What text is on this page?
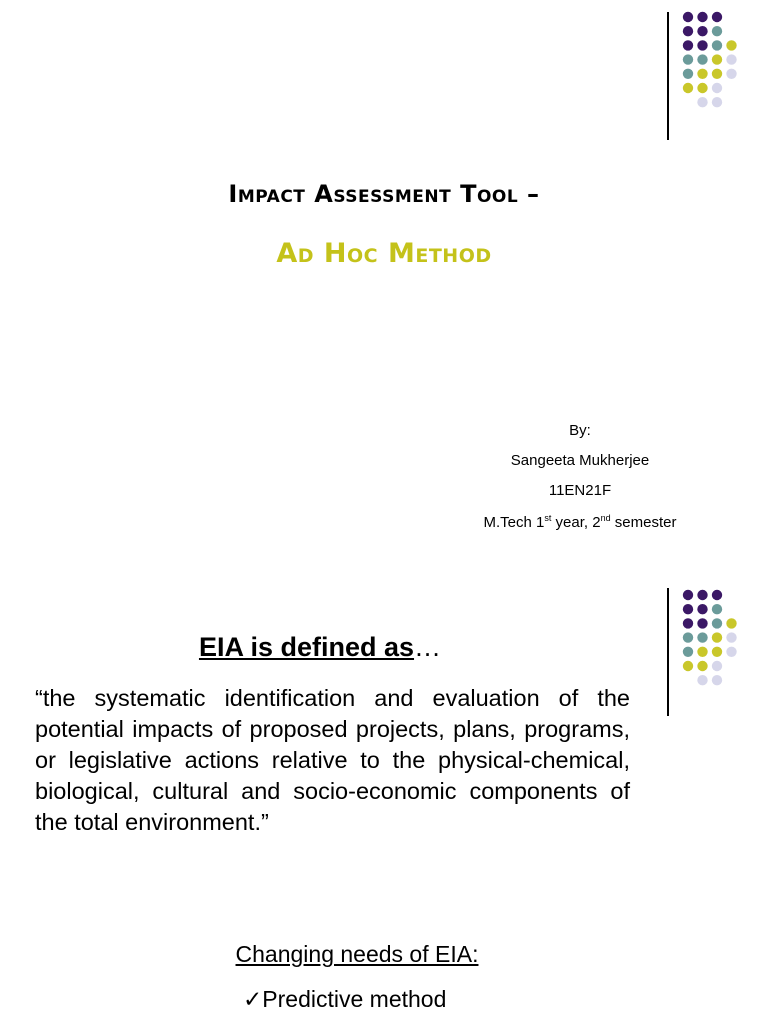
Impact Assessment Tool –
Ad Hoc Method
By:
Sangeeta Mukherjee
11EN21F
M.Tech 1st year, 2nd semester
EIA is defined as…
“the systematic identification and evaluation of the potential impacts of proposed projects, plans, programs, or legislative actions relative to the physical-chemical, biological, cultural and socio-economic components of the total environment.”
Changing needs of EIA:
✓Predictive method
